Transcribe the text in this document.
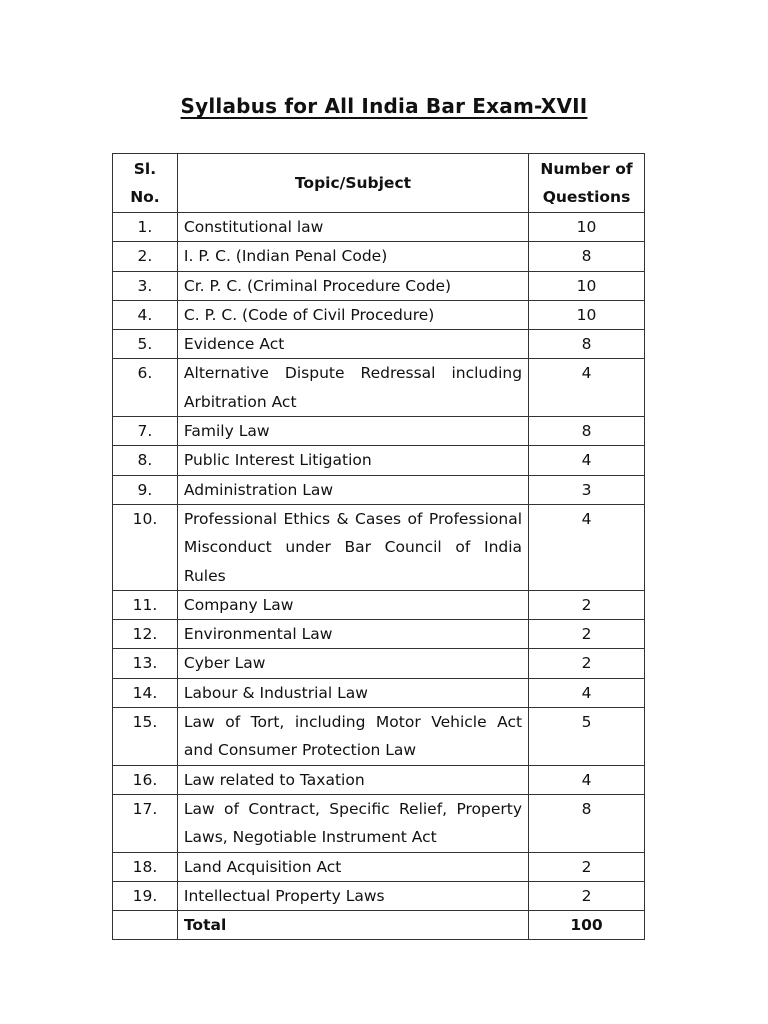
Syllabus for All India Bar Exam-XVII
Sl. No.	Topic/Subject	Number of Questions
1.	Constitutional law	10
2.	I. P. C. (Indian Penal Code)	8
3.	Cr. P. C. (Criminal Procedure Code)	10
4.	C. P. C. (Code of Civil Procedure)	10
5.	Evidence Act	8
6.	Alternative Dispute Redressal including Arbitration Act	4
7.	Family Law	8
8.	Public Interest Litigation	4
9.	Administration Law	3
10.	Professional Ethics & Cases of Professional Misconduct under Bar Council of India Rules	4
11.	Company Law	2
12.	Environmental Law	2
13.	Cyber Law	2
14.	Labour & Industrial Law	4
15.	Law of Tort, including Motor Vehicle Act and Consumer Protection Law	5
16.	Law related to Taxation	4
17.	Law of Contract, Specific Relief, Property Laws, Negotiable Instrument Act	8
18.	Land Acquisition Act	2
19.	Intellectual Property Laws	2
	Total	100
